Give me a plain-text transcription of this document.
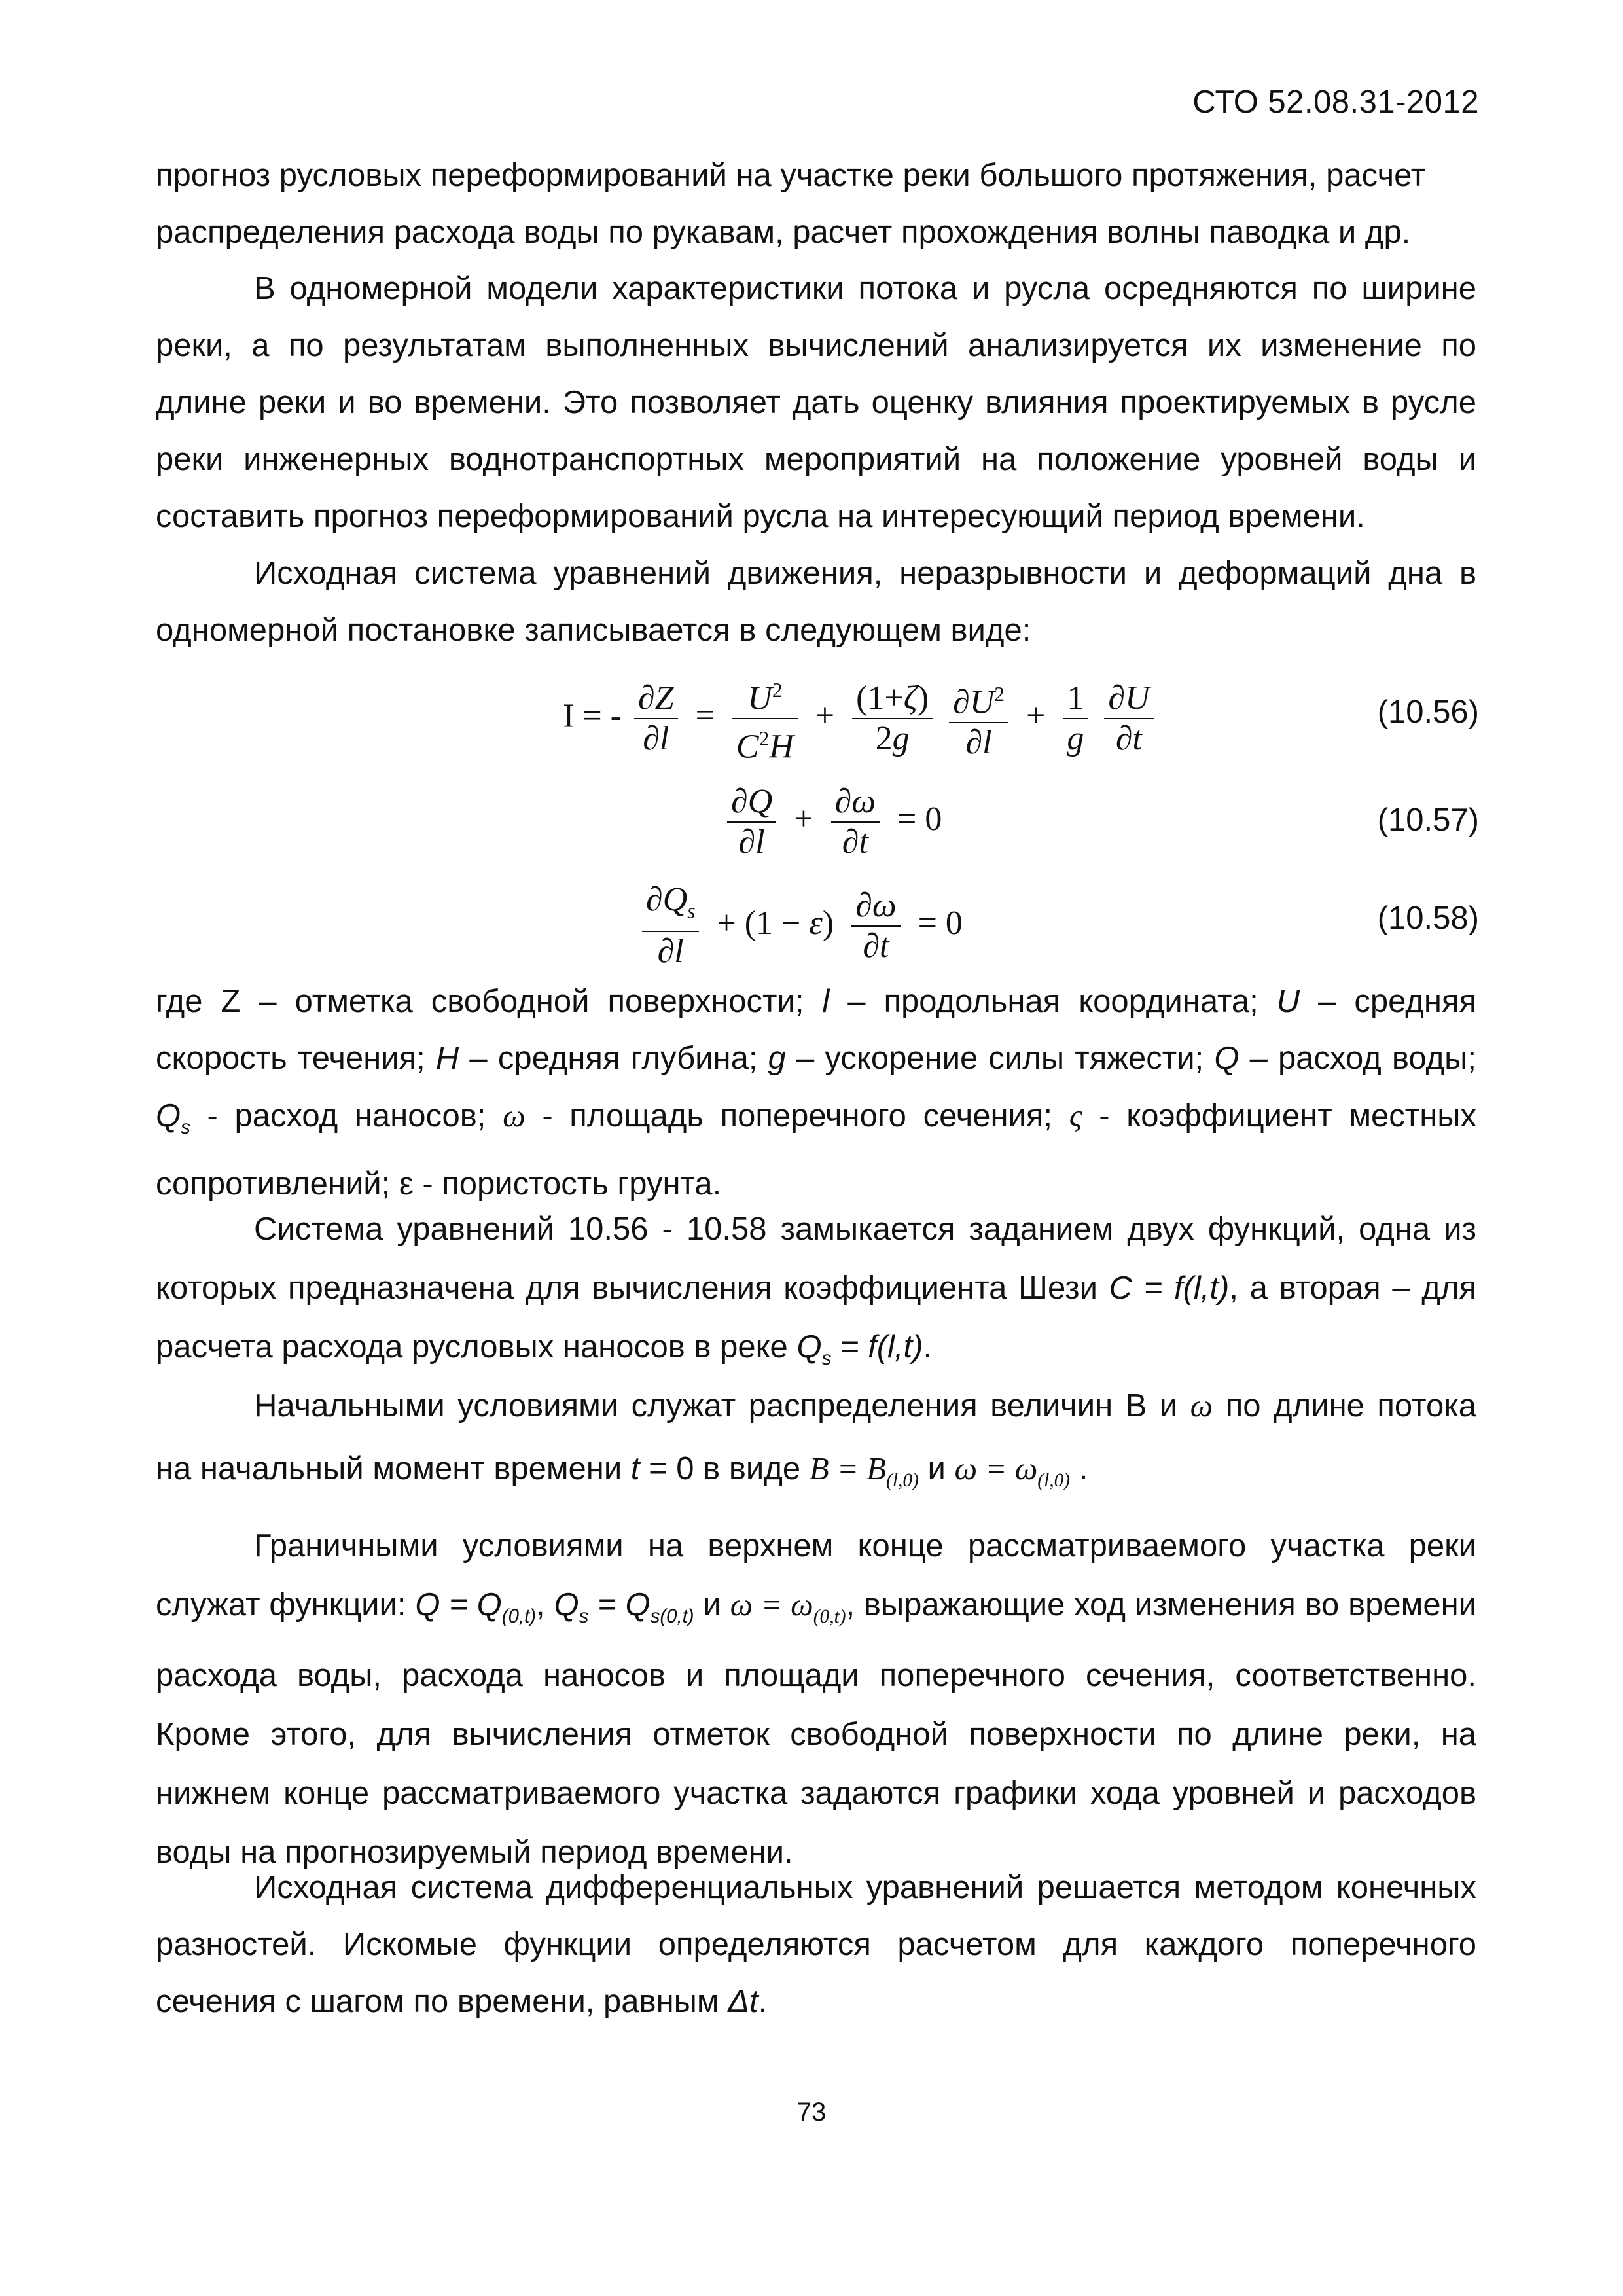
СТО 52.08.31-2012

прогноз русловых переформирований на участке реки большого протяжения, расчет
распределения расхода воды по рукавам, расчет прохождения волны паводка и др.

В одномерной модели характеристики потока и русла осредняются по ширине реки, а по результатам выполненных вычислений анализируется их изменение по длине реки и во времени. Это позволяет дать оценку влияния проектируемых в русле реки инженерных воднотранспортных мероприятий на положение уровней воды и составить прогноз переформирований русла на интересующий период времени.

Исходная система уравнений движения, неразрывности и деформаций дна в одномерной постановке записывается в следующем виде:

I = - $\frac{\partial Z}{\partial l} = \frac{U^2}{C^2H} + \frac{(1+\zeta)}{2g}$
$\frac{\partial U^2}{\partial l} + \frac{1}{g}$
$\frac{\partial U}{\partial t}$	(10.56)
$\frac{\partial Q}{\partial l} + \frac{\partial\omega}{\partial t} = 0$	(10.57)
$\frac{\partial Q_s}{\partial l} + (1 - \varepsilon) \frac{\partial\omega}{\partial t} = 0$	(10.58)

где Z – отметка свободной поверхности; l – продольная координата; U – средняя скорость течения; H – средняя глубина; g – ускорение силы тяжести; Q – расход воды; $Q_s$ - расход наносов; ω - площадь поперечного сечения; ς - коэффициент местных сопротивлений; ε - пористость грунта.

Система уравнений 10.56 - 10.58 замыкается заданием двух функций, одна из которых предназначена для вычисления коэффициента Шези C = f(l,t), а вторая – для расчета расхода русловых наносов в реке $Q_s = f(l,t)$.

Начальными условиями служат распределения величин В и ω по длине потока на начальный момент времени t = 0 в виде $B = B_{(l,0)}$ и $\omega = \omega_{(l,0)}$ .

Граничными условиями на верхнем конце рассматриваемого участка реки служат функции: $Q = Q_{(0,t)}$, $Q_s = Q_{s(0,t)}$ и $\omega = \omega_{(0,t)}$, выражающие ход изменения во времени расхода воды, расхода наносов и площади поперечного сечения, соответственно. Кроме этого, для вычисления отметок свободной поверхности по длине реки, на нижнем конце рассматриваемого участка задаются графики хода уровней и расходов воды на прогнозируемый период времени.

Исходная система дифференциальных уравнений решается методом конечных разностей. Искомые функции определяются расчетом для каждого поперечного сечения с шагом по времени, равным Δt.

73
